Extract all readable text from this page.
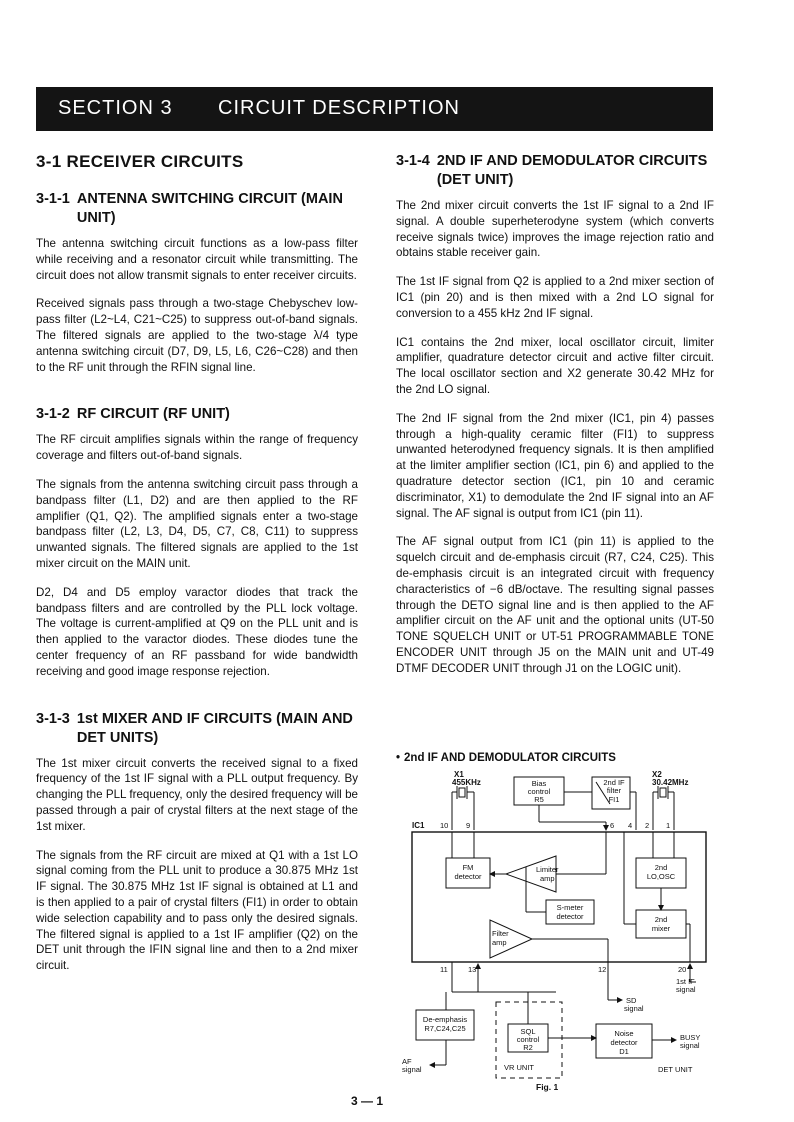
SECTION 3 CIRCUIT DESCRIPTION
3-1 RECEIVER CIRCUITS
3-1-1 ANTENNA SWITCHING CIRCUIT (MAIN UNIT)

The antenna switching circuit functions as a low-pass filter while receiving and a resonator circuit while transmitting. The circuit does not allow transmit signals to enter receiver circuits.

Received signals pass through a two-stage Chebyschev low-pass filter (L2~L4, C21~C25) to suppress out-of-band signals. The filtered signals are applied to the two-stage λ/4 type antenna switching circuit (D7, D9, L5, L6, C26~C28) and then to the RF unit through the RFIN signal line.

3-1-2 RF CIRCUIT (RF UNIT)

The RF circuit amplifies signals within the range of frequency coverage and filters out-of-band signals.

The signals from the antenna switching circuit pass through a bandpass filter (L1, D2) and are then applied to the RF amplifier (Q1, Q2). The amplified signals enter a two-stage bandpass filter (L2, L3, D4, D5, C7, C8, C11) to suppress unwanted signals. The filtered signals are applied to the 1st mixer circuit on the MAIN unit.

D2, D4 and D5 employ varactor diodes that track the bandpass filters and are controlled by the PLL lock voltage. The voltage is current-amplified at Q9 on the PLL unit and is then applied to the varactor diodes. These diodes tune the center frequency of an RF passband for wide bandwidth receiving and good image response rejection.

3-1-3 1st MIXER AND IF CIRCUITS (MAIN AND DET UNITS)

The 1st mixer circuit converts the received signal to a fixed frequency of the 1st IF signal with a PLL output frequency. By changing the PLL frequency, only the desired frequency will be passed through a pair of crystal filters at the next stage of the 1st mixer.

The signals from the RF circuit are mixed at Q1 with a 1st LO signal coming from the PLL unit to produce a 30.875 MHz 1st IF signal. The 30.875 MHz 1st IF signal is obtained at L1 and is then applied to a pair of crystal filters (FI1) in order to obtain wide selection capability and to pass only the desired signals. The filtered signal is applied to a 1st IF amplifier (Q2) on the DET unit through the IFIN signal line and then to a 2nd mixer circuit.

3-1-4 2ND IF AND DEMODULATOR CIRCUITS (DET UNIT)

The 2nd mixer circuit converts the 1st IF signal to a 2nd IF signal. A double superheterodyne system (which converts receive signals twice) improves the image rejection ratio and obtains stable receiver gain.

The 1st IF signal from Q2 is applied to a 2nd mixer section of IC1 (pin 20) and is then mixed with a 2nd LO signal for conversion to a 455 kHz 2nd IF signal.

IC1 contains the 2nd mixer, local oscillator circuit, limiter amplifier, quadrature detector circuit and active filter circuit. The local oscillator section and X2 generate 30.42 MHz for the 2nd LO signal.

The 2nd IF signal from the 2nd mixer (IC1, pin 4) passes through a high-quality ceramic filter (FI1) to suppress unwanted heterodyned frequency signals. It is then amplified at the limiter amplifier section (IC1, pin 6) and applied to the quadrature detector section (IC1, pin 10 and ceramic discriminator, X1) to demodulate the 2nd IF signal into an AF signal. The AF signal is output from IC1 (pin 11).

The AF signal output from IC1 (pin 11) is applied to the squelch circuit and de-emphasis circuit (R7, C24, C25). This de-emphasis circuit is an integrated circuit with frequency characteristics of −6 dB/octave. The resulting signal passes through the DETO signal line and is then applied to the AF amplifier circuit on the AF unit and the optional units (UT-50 TONE SQUELCH UNIT or UT-51 PROGRAMMABLE TONE ENCODER UNIT through J5 on the MAIN unit and UT-49 DTMF DECODER UNIT through J1 on the LOGIC unit).

• 2nd IF AND DEMODULATOR CIRCUITS
X1
455KHz	Bias
control
R5
2nd IF
filter
FI1
X2
30.42MHz
IC1 10 9	6 4 2 1
FM
detector
Limiter
amp
2nd
LO,OSC
S-meter
detector	2nd
mixer
Filter
amp
11	13	12	20
SD
signal
1st IF
signal
De-emphasis
R7,C24,C25
AF
signal
SQL
control
R2
VR UNIT
Noise
detector
D1
BUSY
signal
DET UNIT
Fig. 1
3 — 1
